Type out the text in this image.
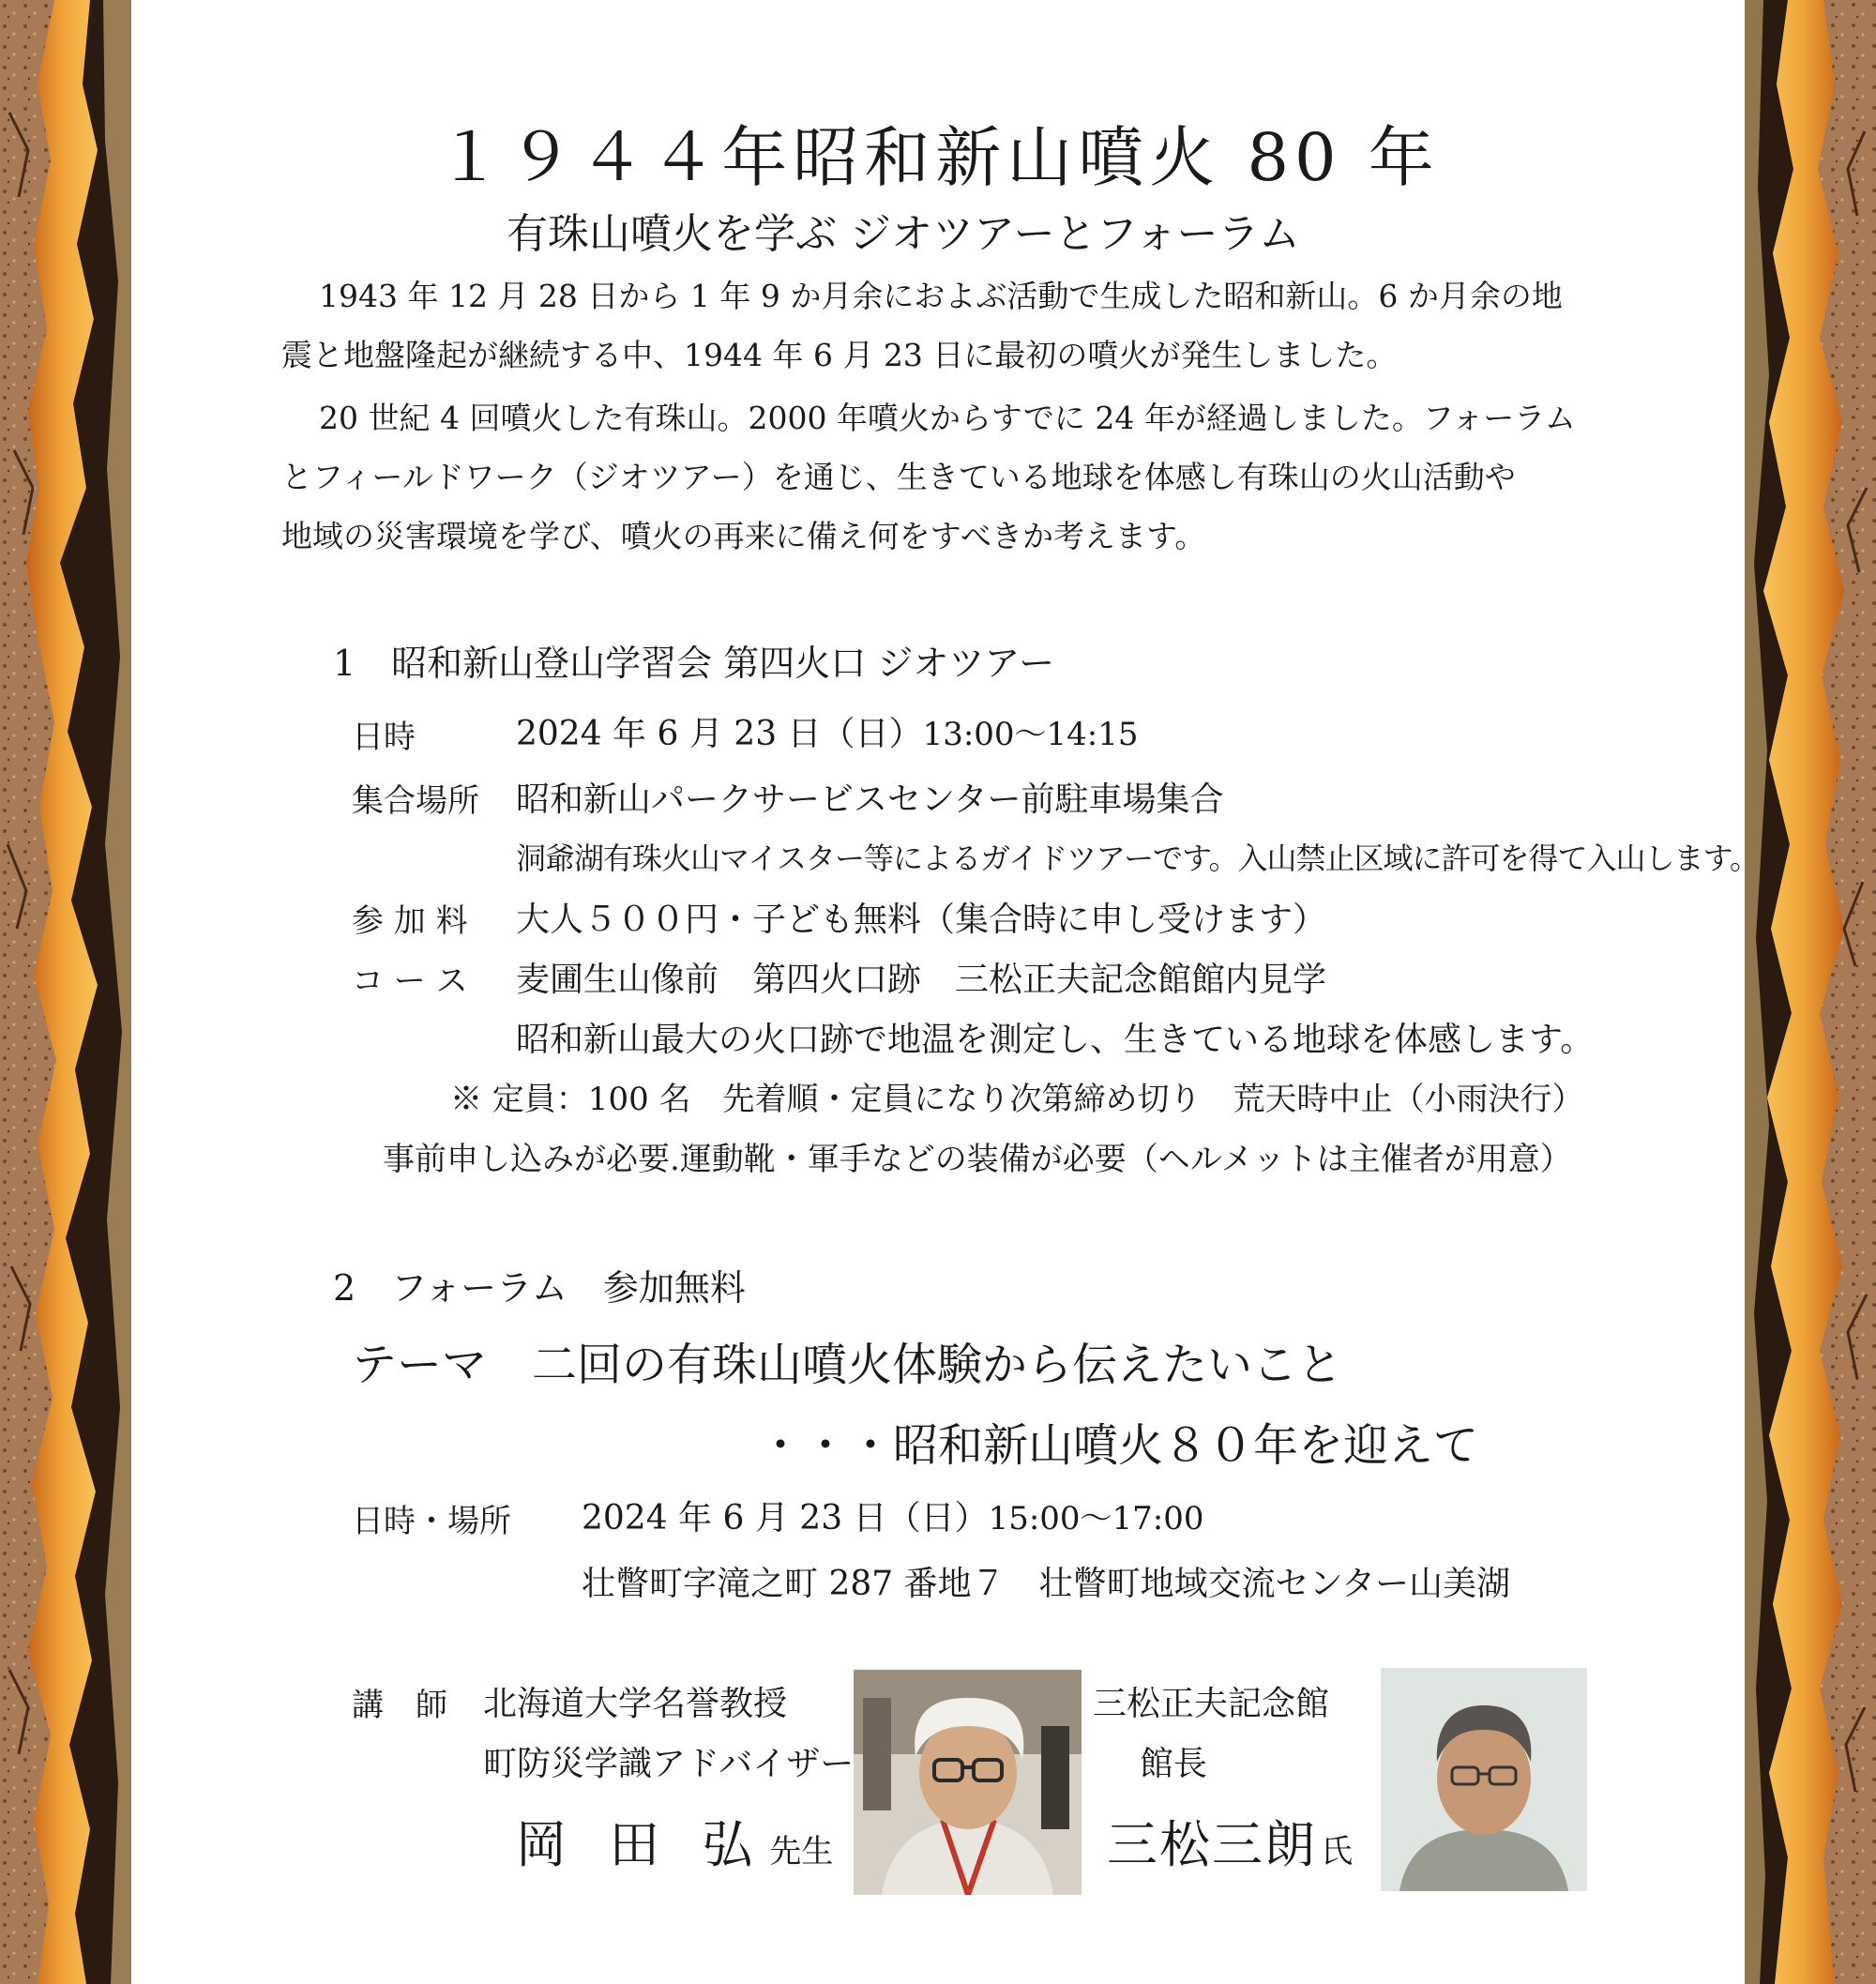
１９４４年昭和新山噴火 80 年
有珠山噴火を学ぶ ジオツアーとフォーラム
1943 年 12 月 28 日から 1 年 9 か月余におよぶ活動で生成した昭和新山。6 か月余の地
震と地盤隆起が継続する中、1944 年 6 月 23 日に最初の噴火が発生しました。
20 世紀 4 回噴火した有珠山。2000 年噴火からすでに 24 年が経過しました。フォーラム
とフィールドワーク（ジオツアー）を通じ、生きている地球を体感し有珠山の火山活動や
地域の災害環境を学び、噴火の再来に備え何をすべきか考えます。
1　昭和新山登山学習会 第四火口 ジオツアー
日時	2024 年 6 月 23 日（日）13:00～14:15
集合場所 昭和新山パークサービスセンター前駐車場集合
洞爺湖有珠火山マイスター等によるガイドツアーです。入山禁止区域に許可を得て入山します。
参 加 料 大人５００円・子ども無料（集合時に申し受けます）
コ ー ス 麦圃生山像前　第四火口跡　三松正夫記念館館内見学
昭和新山最大の火口跡で地温を測定し、生きている地球を体感します。
※ 定員：100 名　先着順・定員になり次第締め切り　荒天時中止（小雨決行）
事前申し込みが必要.運動靴・軍手などの装備が必要（ヘルメットは主催者が用意）
2　フォーラム　参加無料
テーマ　二回の有珠山噴火体験から伝えたいこと
・・・昭和新山噴火８０年を迎えて
日時・場所 2024 年 6 月 23 日（日）15:00～17:00
壮瞥町字滝之町 287 番地７　壮瞥町地域交流センター山美湖
講　師 北海道大学名誉教授
町防災学識アドバイザー
岡 田 弘 先生
三松正夫記念館
館長
三松三朗 氏
